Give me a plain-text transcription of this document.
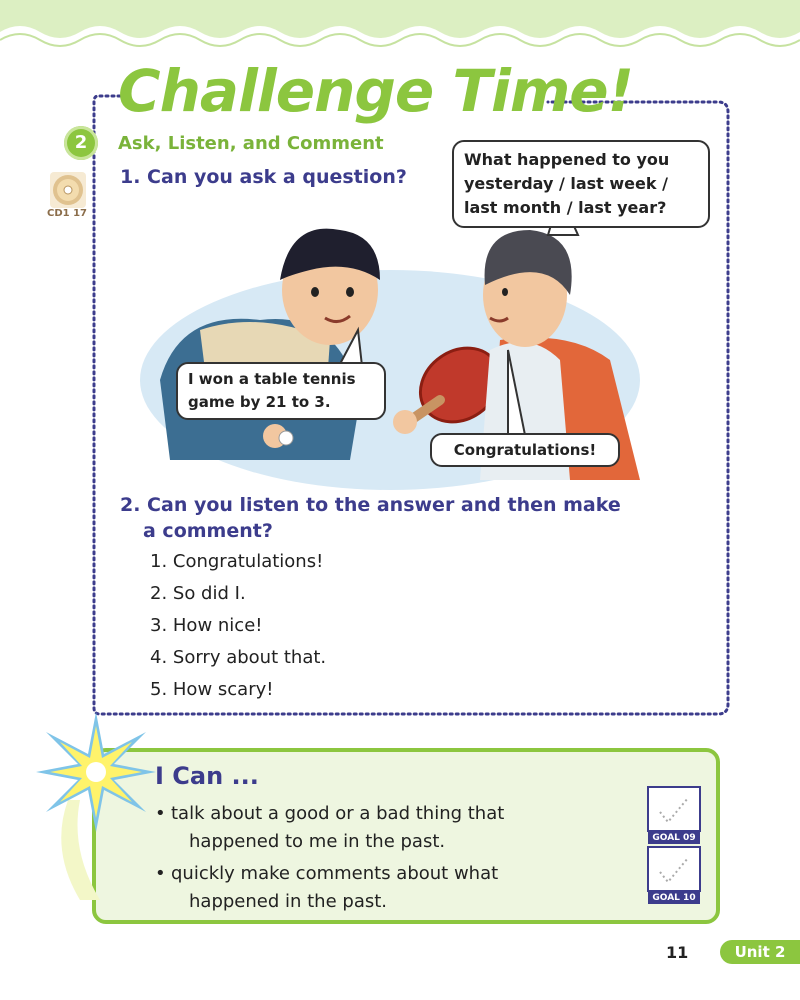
Challenge Time!
2	Ask, Listen, and Comment
CD1 17
1. Can you ask a question?
What happened to you
yesterday / last week /
last month / last year?
I won a table tennis
game by 21 to 3.
Congratulations!
2. Can you listen to the answer and then make
a comment?
1. Congratulations!
2. So did I.
3. How nice!
4. Sorry about that.
5. How scary!
I Can ...
• talk about a good or a bad thing that
happened to me in the past.
• quickly make comments about what
happened in the past.
GOAL 09
GOAL 10
11	Unit 2
